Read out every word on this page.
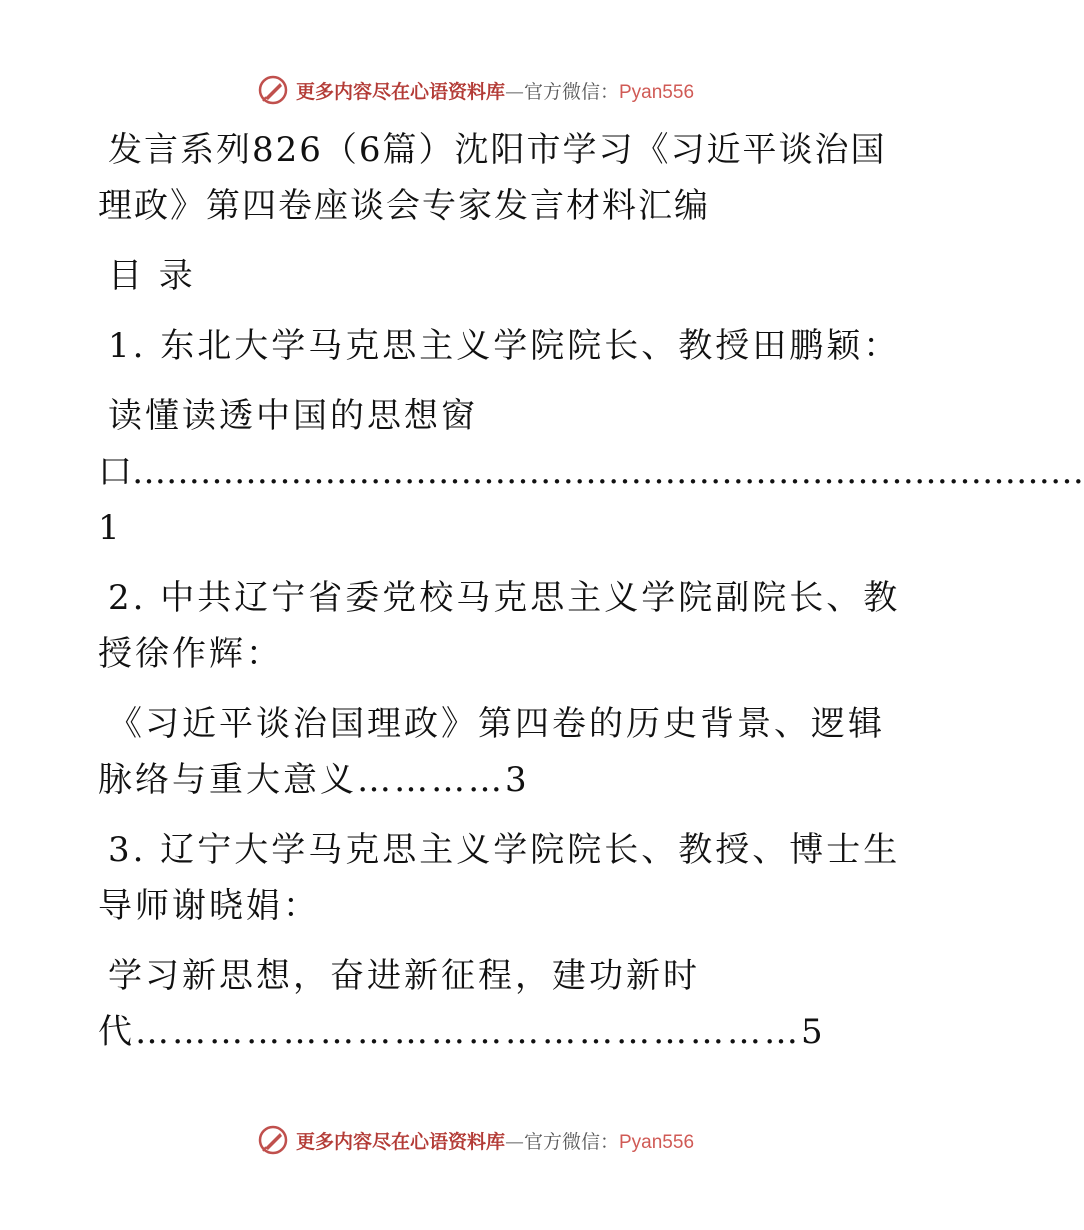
更多内容尽在心语资料库—官方微信：Pyan556
发言系列826（6篇）沈阳市学习《习近平谈治国
理政》第四卷座谈会专家发言材料汇编
目 录
1. 东北大学马克思主义学院院长、教授田鹏颖：
读懂读透中国的思想窗
口…………………………………………………………………………
1
2. 中共辽宁省委党校马克思主义学院副院长、教
授徐作辉：
《习近平谈治国理政》第四卷的历史背景、逻辑
脉络与重大意义…………3
3. 辽宁大学马克思主义学院院长、教授、博士生
导师谢晓娟：
学习新思想，奋进新征程，建功新时
代………………………………………………5
更多内容尽在心语资料库—官方微信：Pyan556
